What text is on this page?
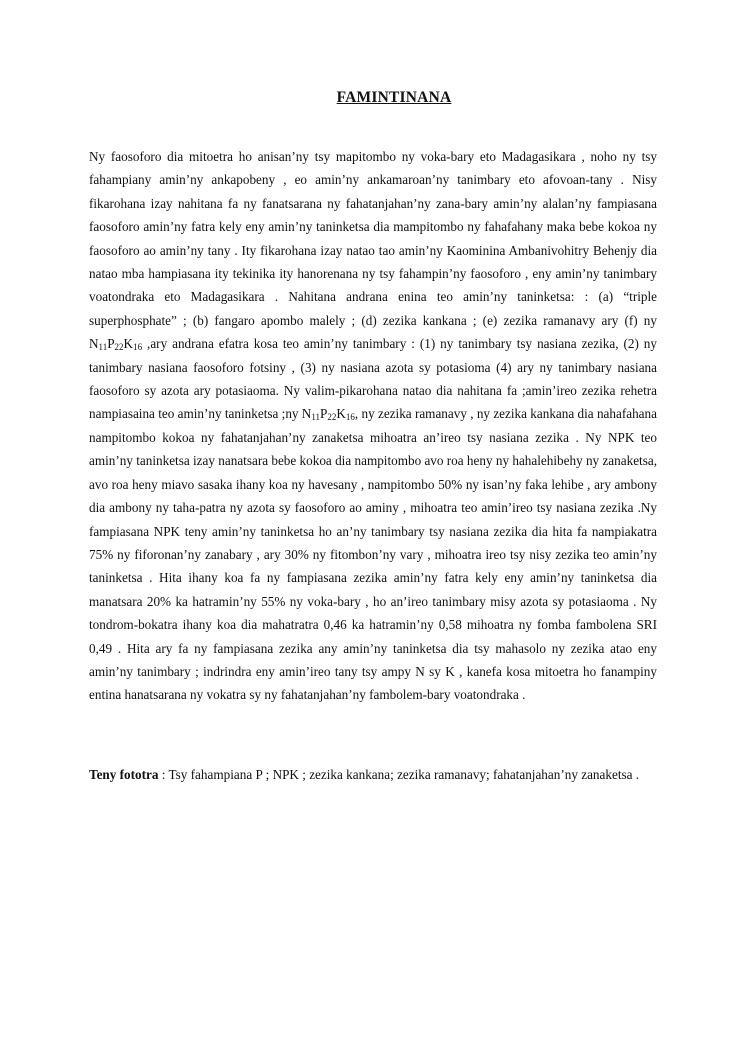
FAMINTINANA

Ny faosoforo dia mitoetra ho anisan’ny tsy mapitombo ny voka-bary eto Madagasikara , noho ny tsy fahampiany amin’ny ankapobeny , eo amin’ny ankamaroan’ny tanimbary eto afovoan-tany . Nisy fikarohana izay nahitana fa ny fanatsarana ny fahatanjahan’ny zana-bary amin’ny alalan’ny fampiasana faosoforo amin’ny fatra kely eny amin’ny taninketsa dia mampitombo ny fahafahany maka bebe kokoa ny faosoforo ao amin’ny tany . Ity fikarohana izay natao tao amin’ny Kaominina Ambanivohitry Behenjy dia natao mba hampiasana ity tekinika ity hanorenana ny tsy fahampin’ny faosoforo , eny amin’ny tanimbary voatondraka eto Madagasikara . Nahitana andrana enina teo amin’ny taninketsa: : (a) “triple superphosphate” ; (b) fangaro apombo malely ; (d) zezika kankana ; (e) zezika ramanavy ary (f) ny $N_{11}P_{22}K_{16}$ ,ary andrana efatra kosa teo amin’ny tanimbary : (1) ny tanimbary tsy nasiana zezika, (2) ny tanimbary nasiana faosoforo fotsiny , (3) ny nasiana azota sy potasioma (4) ary ny tanimbary nasiana faosoforo sy azota ary potasiaoma. Ny valim-pikarohana natao dia nahitana fa ;amin’ireo zezika rehetra nampiasaina teo amin’ny taninketsa ;ny $N_{11}P_{22}K_{16}$, ny zezika ramanavy , ny zezika kankana dia nahafahana nampitombo kokoa ny fahatanjahan’ny zanaketsa mihoatra an’ireo tsy nasiana zezika . Ny NPK teo amin’ny taninketsa izay nanatsara bebe kokoa dia nampitombo avo roa heny ny hahalehibehy ny zanaketsa, avo roa heny miavo sasaka ihany koa ny havesany , nampitombo 50% ny isan’ny faka lehibe , ary ambony dia ambony ny taha-patra ny azota sy faosoforo ao aminy , mihoatra teo amin’ireo tsy nasiana zezika .Ny fampiasana NPK teny amin’ny taninketsa ho an’ny tanimbary tsy nasiana zezika dia hita fa nampiakatra 75% ny fiforonan’ny zanabary , ary 30% ny fitombon’ny vary , mihoatra ireo tsy nisy zezika teo amin’ny taninketsa . Hita ihany koa fa ny fampiasana zezika amin’ny fatra kely eny amin’ny taninketsa dia manatsara 20% ka hatramin’ny 55% ny voka-bary , ho an’ireo tanimbary misy azota sy potasiaoma . Ny tondrom-bokatra ihany koa dia mahatratra 0,46 ka hatramin’ny 0,58 mihoatra ny fomba fambolena SRI 0,49 . Hita ary fa ny fampiasana zezika any amin’ny taninketsa dia tsy mahasolo ny zezika atao eny amin’ny tanimbary ; indrindra eny amin’ireo tany tsy ampy N sy K , kanefa kosa mitoetra ho fanampiny entina hanatsarana ny vokatra sy ny fahatanjahan’ny fambolem-bary voatondraka .

Teny fototra : Tsy fahampiana P ; NPK ; zezika kankana; zezika ramanavy; fahatanjahan’ny zanaketsa .
